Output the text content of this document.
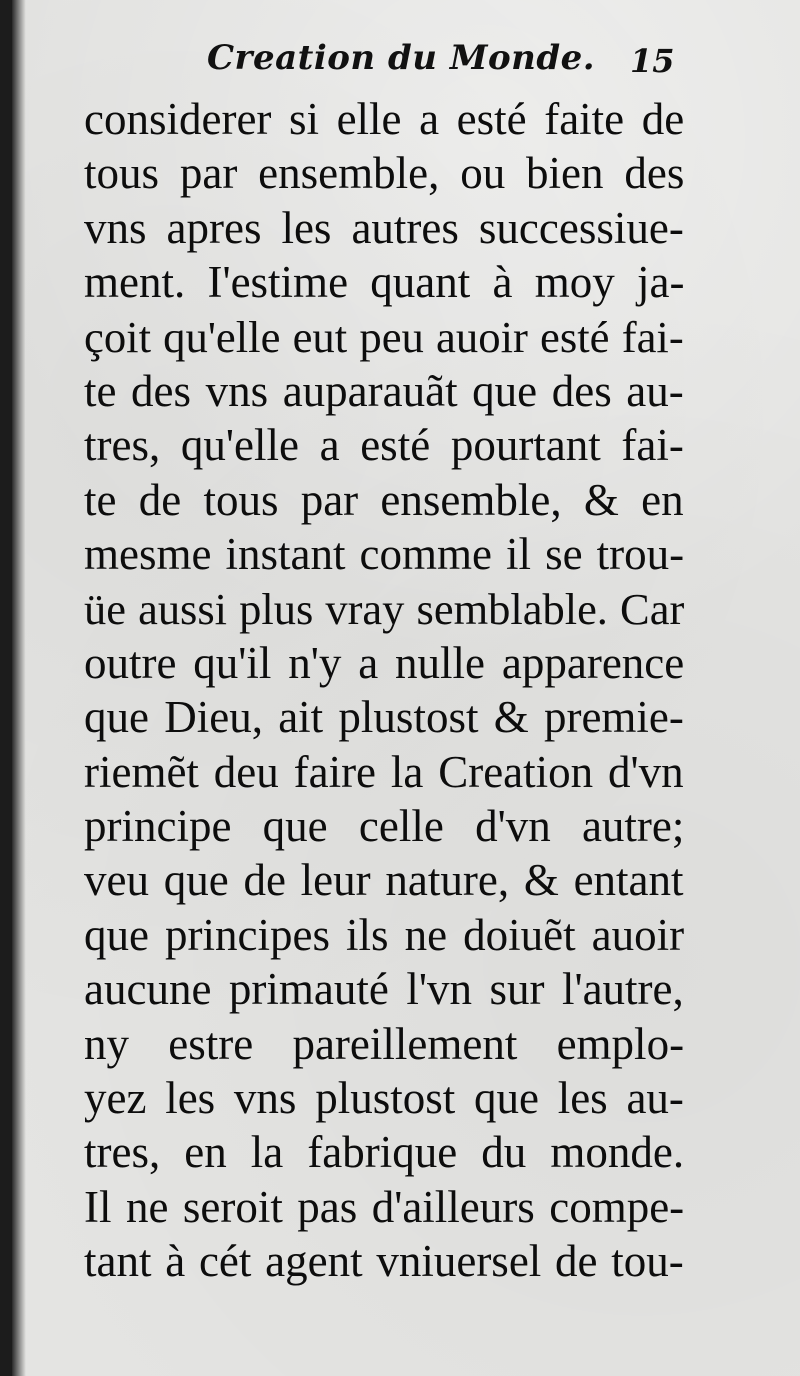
Creation du Monde. 15
considerer si elle a esté faite de
tous par ensemble, ou bien des
vns apres les autres successiue-
ment. I'estime quant à moy ja-
çoit qu'elle eut peu auoir esté fai-
te des vns auparauãt que des au-
tres, qu'elle a esté pourtant fai-
te de tous par ensemble, & en
mesme instant comme il se trou-
üe aussi plus vray semblable. Car
outre qu'il n'y a nulle apparence
que Dieu, ait plustost & premie-
riemẽt deu faire la Creation d'vn
principe que celle d'vn autre;
veu que de leur nature, & entant
que principes ils ne doiuẽt auoir
aucune primauté l'vn sur l'autre,
ny estre pareillement emplo-
yez les vns plustost que les au-
tres, en la fabrique du monde.
Il ne seroit pas d'ailleurs compe-
tant à cét agent vniuersel de tou-
